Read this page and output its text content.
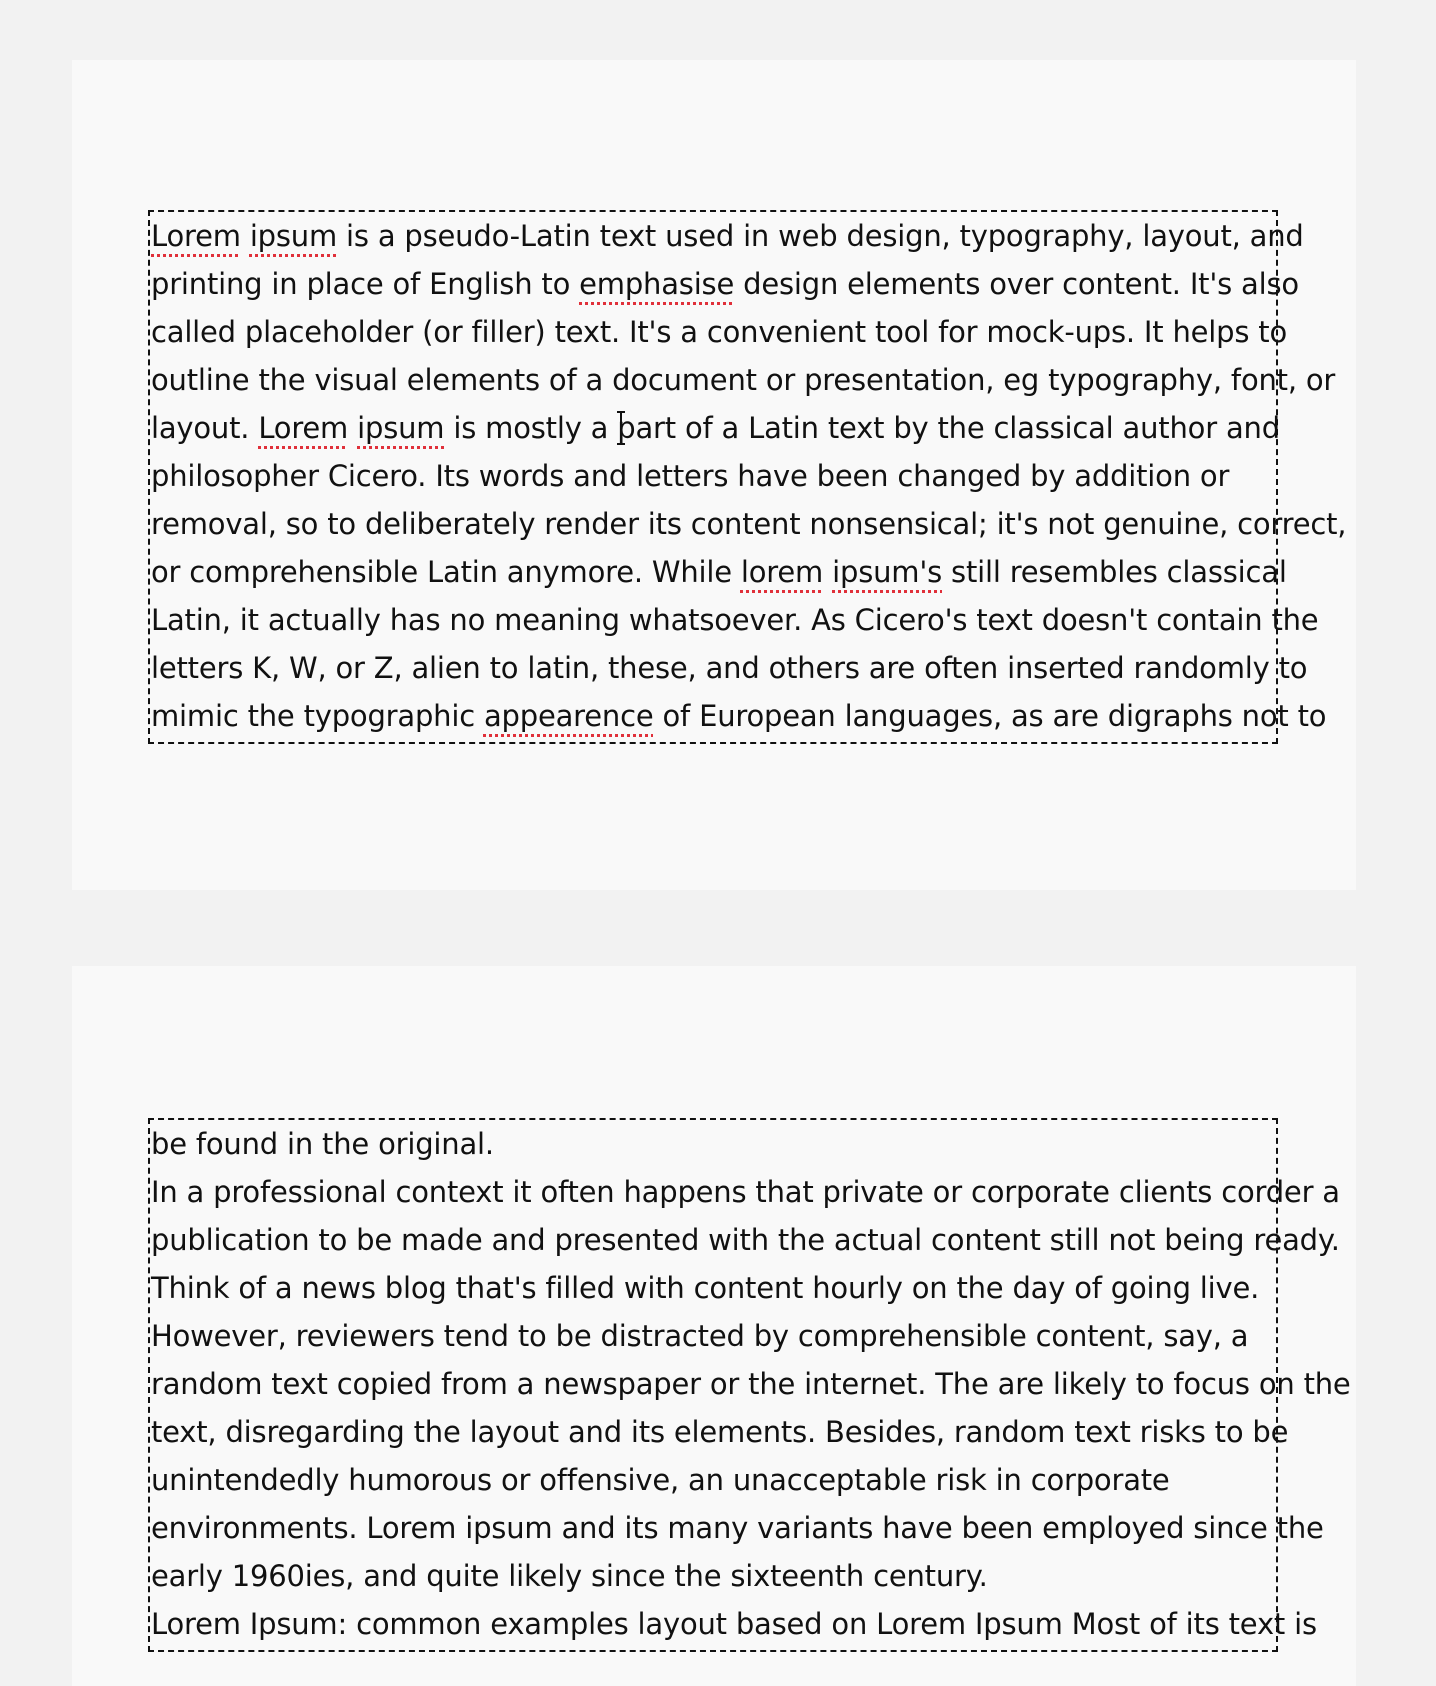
Lorem ipsum is a pseudo-Latin text used in web design, typography, layout, and
printing in place of English to emphasise design elements over content. It's also
called placeholder (or filler) text. It's a convenient tool for mock-ups. It helps to
outline the visual elements of a document or presentation, eg typography, font, or
layout. Lorem ipsum is mostly a part of a Latin text by the classical author and
philosopher Cicero. Its words and letters have been changed by addition or
removal, so to deliberately render its content nonsensical; it's not genuine, correct,
or comprehensible Latin anymore. While lorem ipsum's still resembles classical
Latin, it actually has no meaning whatsoever. As Cicero's text doesn't contain the
letters K, W, or Z, alien to latin, these, and others are often inserted randomly to
mimic the typographic appearence of European languages, as are digraphs not to
be found in the original.
In a professional context it often happens that private or corporate clients corder a
publication to be made and presented with the actual content still not being ready.
Think of a news blog that's filled with content hourly on the day of going live.
However, reviewers tend to be distracted by comprehensible content, say, a
random text copied from a newspaper or the internet. The are likely to focus on the
text, disregarding the layout and its elements. Besides, random text risks to be
unintendedly humorous or offensive, an unacceptable risk in corporate
environments. Lorem ipsum and its many variants have been employed since the
early 1960ies, and quite likely since the sixteenth century.
Lorem Ipsum: common examples layout based on Lorem Ipsum Most of its text is
